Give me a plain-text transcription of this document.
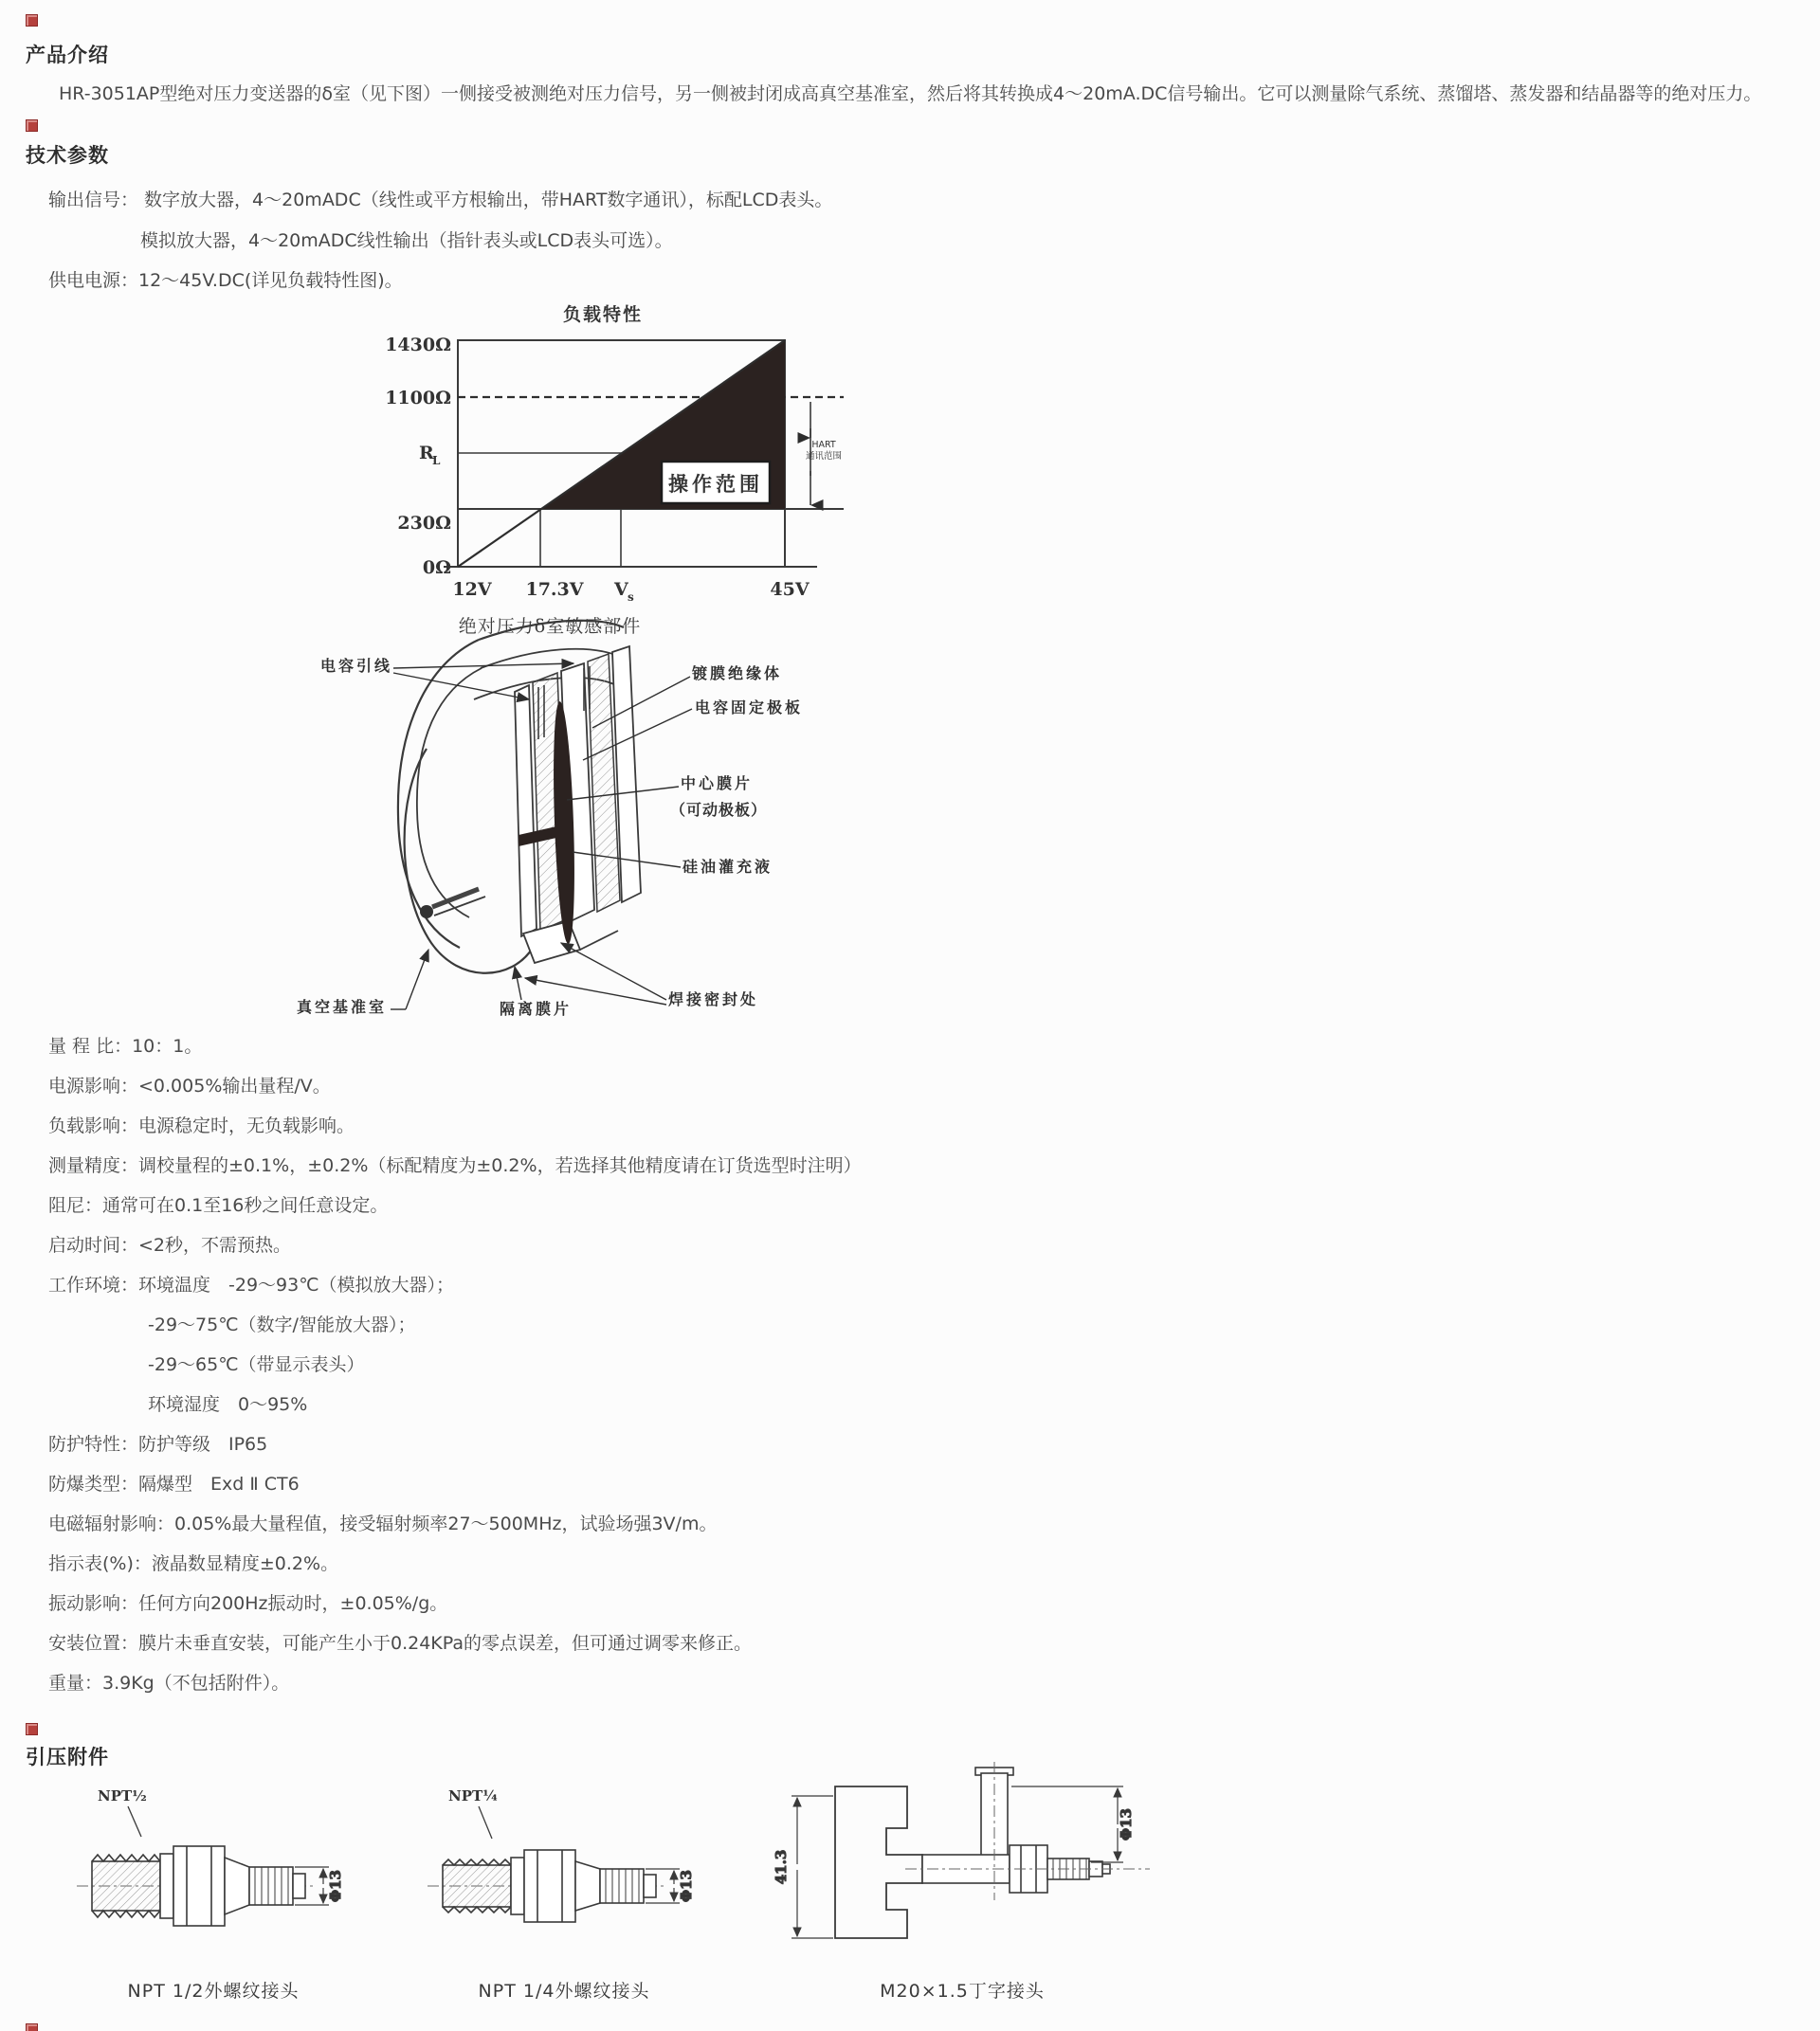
产品介绍
HR-3051AP型绝对压力变送器的δ室（见下图）一侧接受被测绝对压力信号，另一侧被封闭成高真空基准室，然后将其转换成4～20mA.DC信号输出。它可以测量除气系统、蒸馏塔、蒸发器和结晶器等的绝对压力。
技术参数
输出信号： 数字放大器，4～20mADC（线性或平方根输出，带HART数字通讯），标配LCD表头。
模拟放大器，4～20mADC线性输出（指针表头或LCD表头可选）。
供电电源：12～45V.DC(详见负载特性图)。
负载特性
操作范围
HART
通讯范围
1430Ω
1100Ω
R
L
230Ω
0Ω
12V 17.3V V s	45V
绝对压力δ室敏感部件
电容引线	镀膜绝缘体
电容固定极板
中心膜片
（可动极板）
硅油灌充液
焊接密封处
真空基准室	隔离膜片
量 程 比：10：1。
电源影响：<0.005%输出量程/V。
负载影响：电源稳定时，无负载影响。
测量精度：调校量程的±0.1%，±0.2%（标配精度为±0.2%，若选择其他精度请在订货选型时注明）
阻尼：通常可在0.1至16秒之间任意设定。
启动时间：<2秒，不需预热。
工作环境：环境温度　-29～93℃（模拟放大器）；
-29～75℃（数字/智能放大器）；
-29～65℃（带显示表头）
环境湿度　0～95%
防护特性：防护等级　IP65
防爆类型：隔爆型　Exd Ⅱ CT6
电磁辐射影响：0.05%最大量程值，接受辐射频率27～500MHz，试验场强3V/m。
指示表(%)：液晶数显精度±0.2%。
振动影响：任何方向200Hz振动时，±0.05%/g。
安装位置：膜片未垂直安装，可能产生小于0.24KPa的零点误差，但可通过调零来修正。
重量：3.9Kg（不包括附件）。
引压附件
NPT½
Φ13
NPT 1/2外螺纹接头
NPT¼
Φ13
NPT 1/4外螺纹接头
41.3
Φ13
M20×1.5丁字接头
